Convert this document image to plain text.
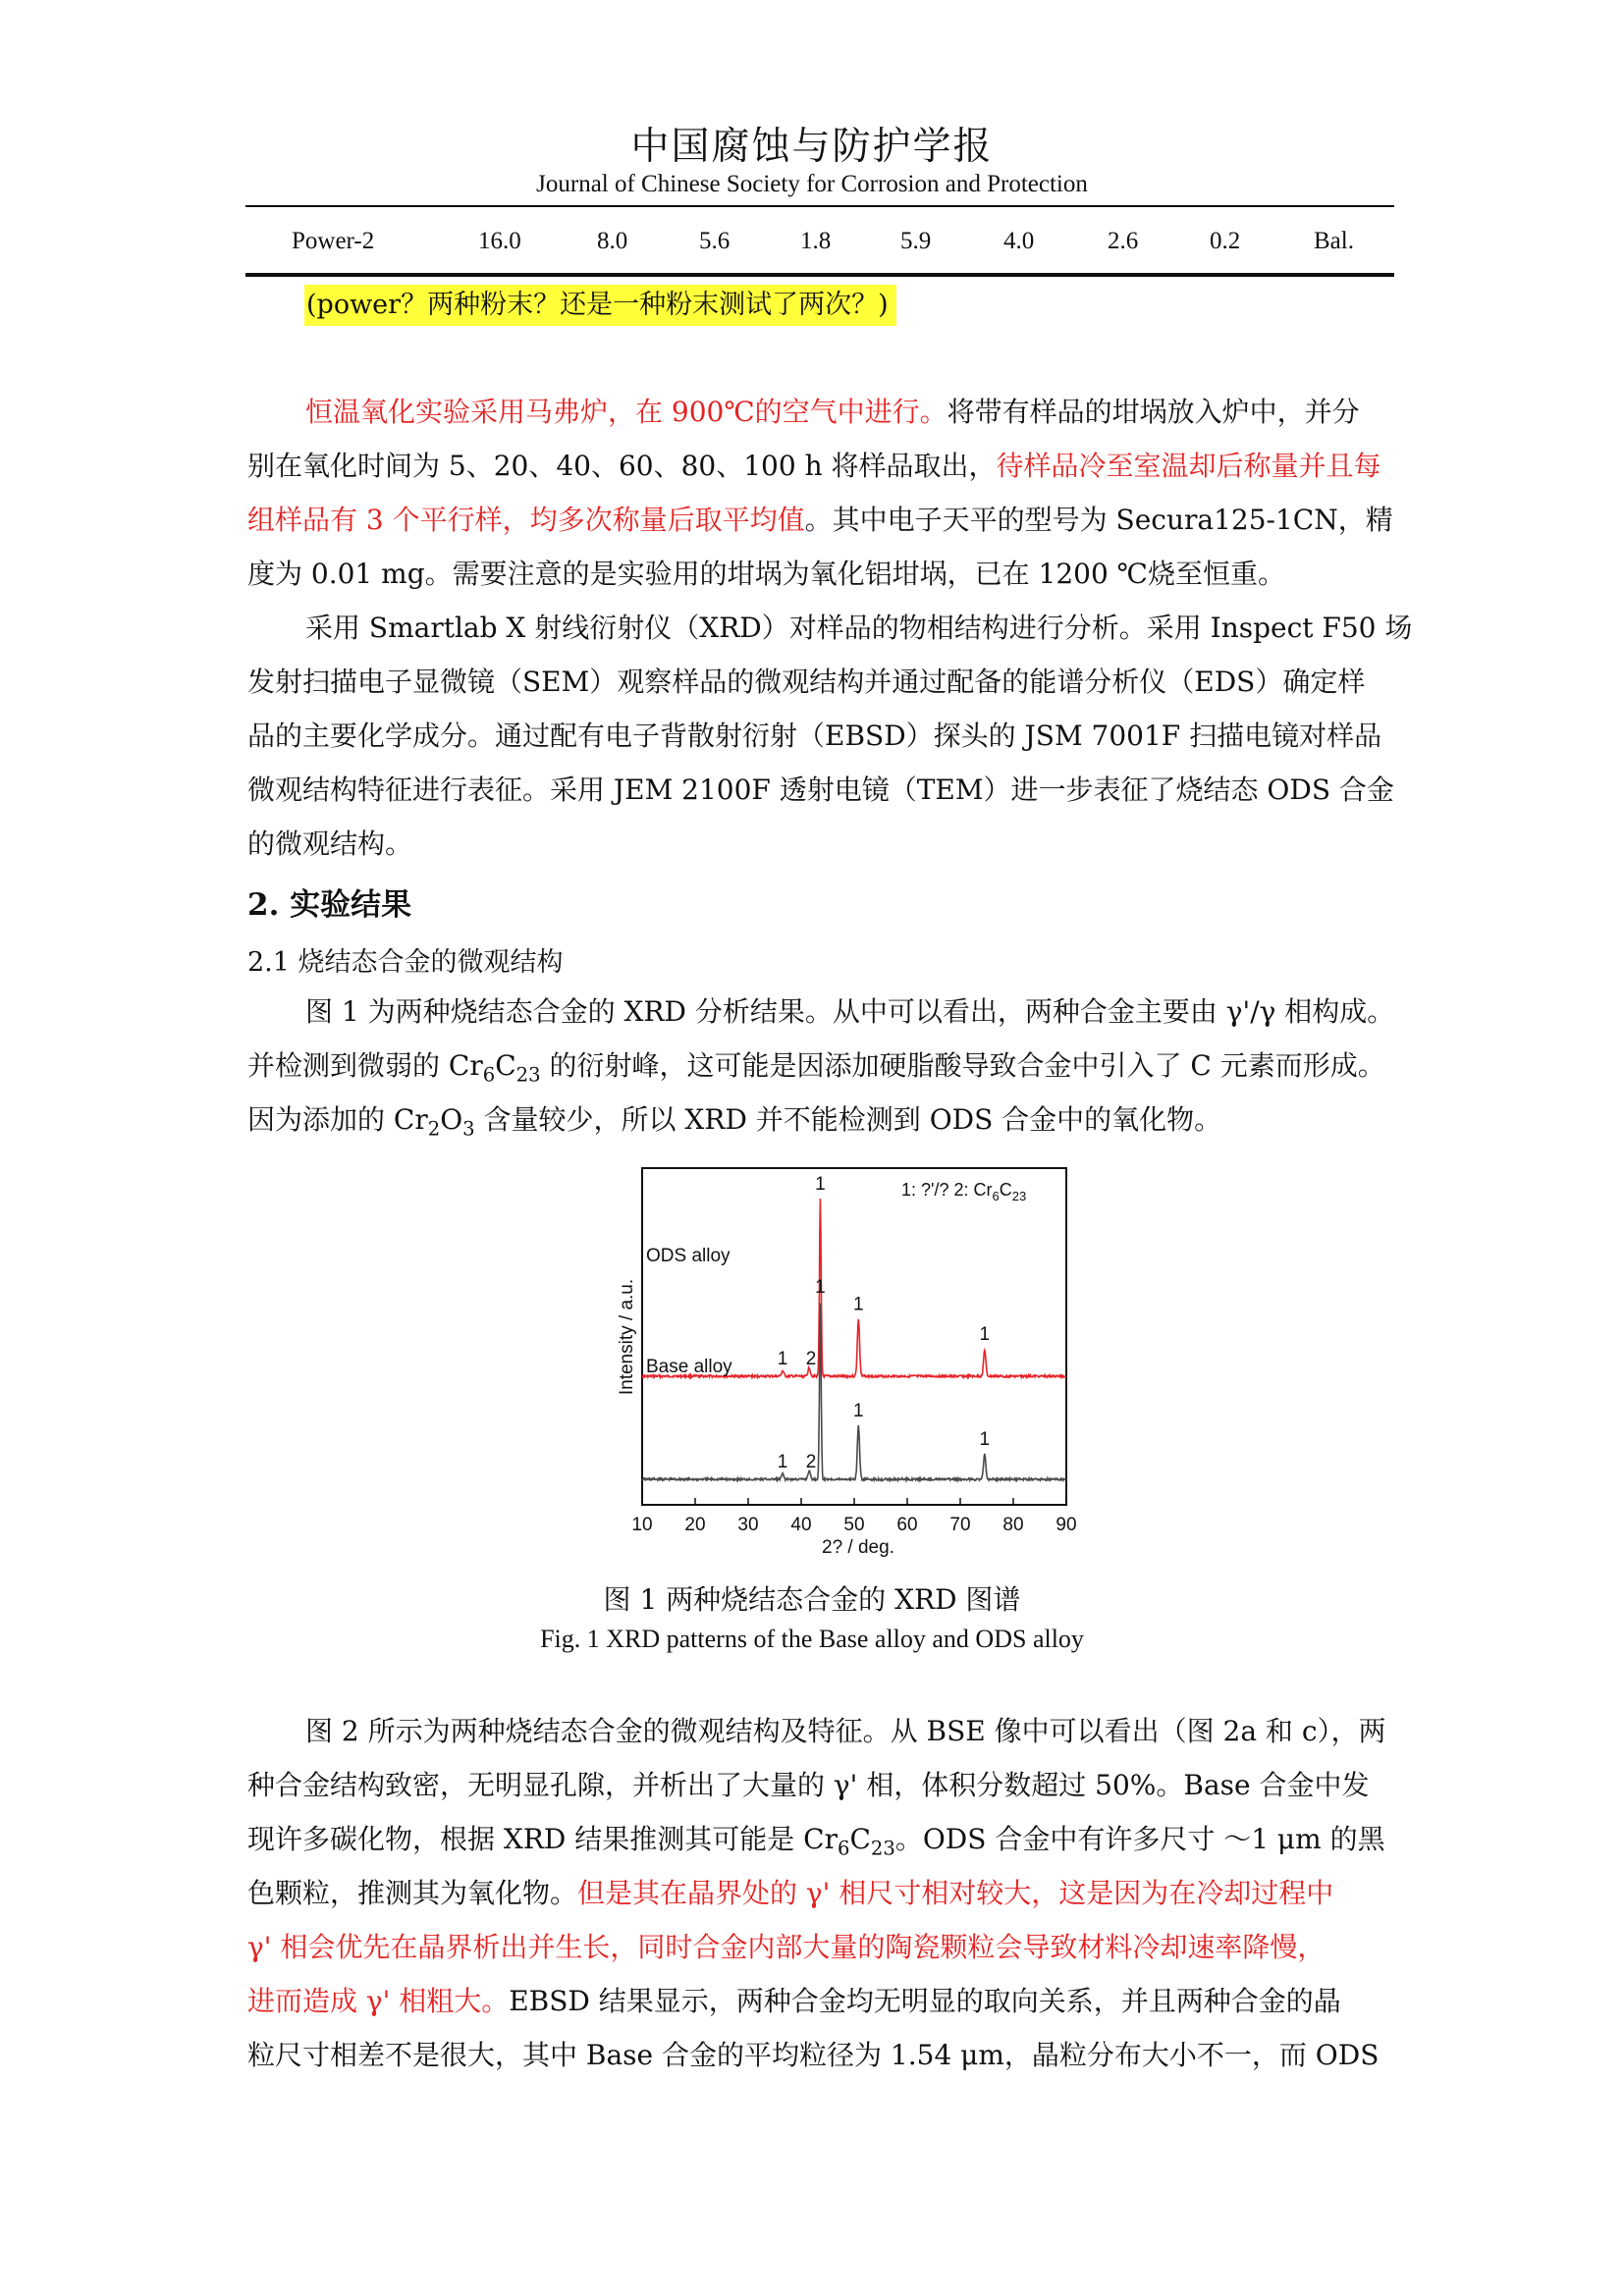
中国腐蚀与防护学报
Journal of Chinese Society for Corrosion and Protection
Power-2	16.0	8.0	5.6	1.8	5.9	4.0	2.6	0.2	Bal.
(power？两种粉末？还是一种粉末测试了两次？)
恒温氧化实验采用马弗炉，在 900℃的空气中进行。将带有样品的坩埚放入炉中，并分
别在氧化时间为 5、20、40、60、80、100 h 将样品取出，待样品冷至室温却后称量并且每
组样品有 3 个平行样，均多次称量后取平均值。其中电子天平的型号为 Secura125-1CN，精
度为 0.01 mg。需要注意的是实验用的坩埚为氧化铝坩埚，已在 1200 ℃烧至恒重。
采用 Smartlab X 射线衍射仪（XRD）对样品的物相结构进行分析。采用 Inspect F50 场
发射扫描电子显微镜（SEM）观察样品的微观结构并通过配备的能谱分析仪（EDS）确定样
品的主要化学成分。通过配有电子背散射衍射（EBSD）探头的 JSM 7001F 扫描电镜对样品
微观结构特征进行表征。采用 JEM 2100F 透射电镜（TEM）进一步表征了烧结态 ODS 合金
的微观结构。
2. 实验结果
2.1 烧结态合金的微观结构
图 1 为两种烧结态合金的 XRD 分析结果。从中可以看出，两种合金主要由 γ'/γ 相构成。
并检测到微弱的 $Cr_6C_{23}$ 的衍射峰，这可能是因添加硬脂酸导致合金中引入了 C 元素而形成。
因为添加的 $Cr_2O_3$ 含量较少，所以 XRD 并不能检测到 ODS 合金中的氧化物。
10 20 30 40 50 60 70 80 90
1 2
1
1
1
1 2
1
1
1
ODS alloy
Base alloy
1: ?'/? 2: $Cr_6C_{23}$
Intensity / a.u.
2? / deg.
图 1 两种烧结态合金的 XRD 图谱
Fig. 1 XRD patterns of the Base alloy and ODS alloy
图 2 所示为两种烧结态合金的微观结构及特征。从 BSE 像中可以看出（图 2a 和 c），两
种合金结构致密，无明显孔隙，并析出了大量的 γ' 相，体积分数超过 50%。Base 合金中发
现许多碳化物，根据 XRD 结果推测其可能是 $Cr_6C_{23}$。ODS 合金中有许多尺寸 ～1 μm 的黑
色颗粒，推测其为氧化物。但是其在晶界处的 γ' 相尺寸相对较大，这是因为在冷却过程中
γ' 相会优先在晶界析出并生长，同时合金内部大量的陶瓷颗粒会导致材料冷却速率降慢，
进而造成 γ' 相粗大。EBSD 结果显示，两种合金均无明显的取向关系，并且两种合金的晶
粒尺寸相差不是很大，其中 Base 合金的平均粒径为 1.54 μm，晶粒分布大小不一，而 ODS
